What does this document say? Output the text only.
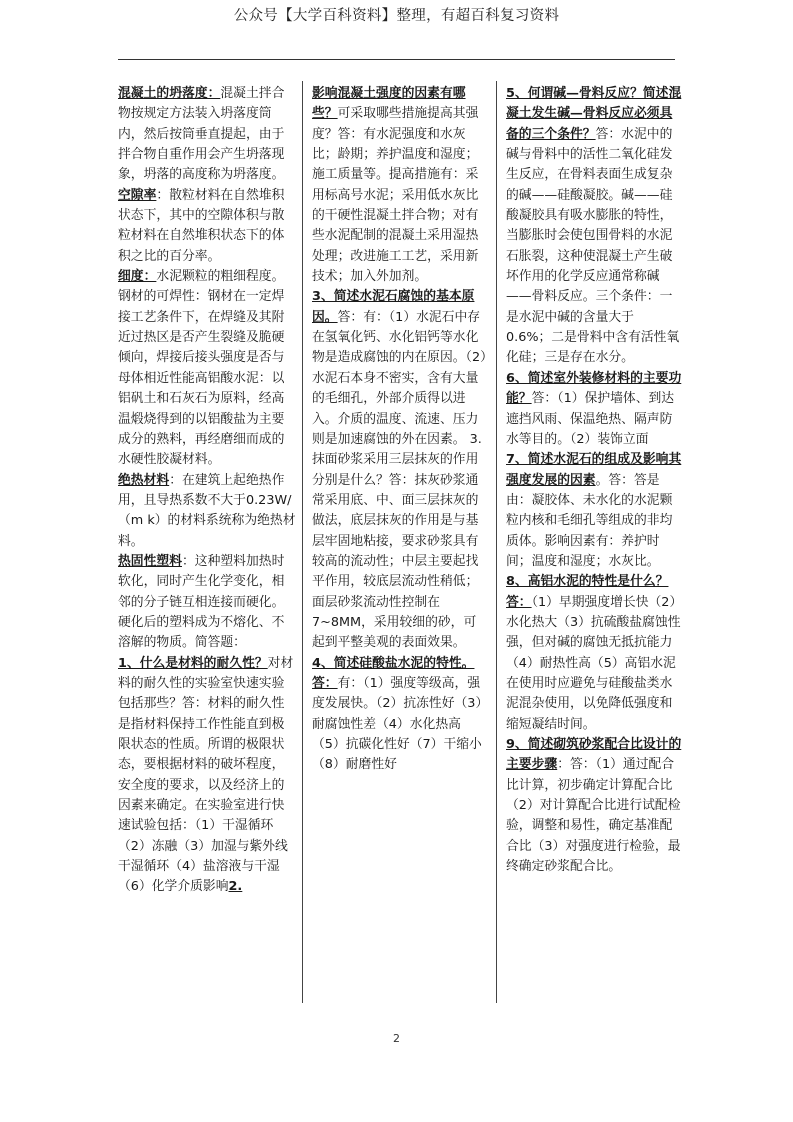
公众号【大学百科资料】整理，有超百科复习资料
混凝土的坍落度：混凝土拌合物按规定方法装入坍落度筒内，然后按筒垂直提起，由于拌合物自重作用会产生坍落现象，坍落的高度称为坍落度。
空隙率：散粒材料在自然堆积状态下，其中的空隙体积与散粒材料在自然堆积状态下的体积之比的百分率。
细度：水泥颗粒的粗细程度。钢材的可焊性：钢材在一定焊接工艺条件下，在焊缝及其附近过热区是否产生裂缝及脆硬倾向，焊接后接头强度是否与母体相近性能高铝酸水泥：以铝矾土和石灰石为原料，经高温煅烧得到的以铝酸盐为主要成分的熟料，再经磨细而成的水硬性胶凝材料。
绝热材料：在建筑上起绝热作用，且导热系数不大于0.23W/（m k）的材料系统称为绝热材料。
热固性塑料：这种塑料加热时软化，同时产生化学变化，相邻的分子链互相连接而硬化。硬化后的塑料成为不熔化、不溶解的物质。简答题：
1、什么是材料的耐久性？对材料的耐久性的实验室快速实验包括那些？答：材料的耐久性是指材料保持工作性能直到极限状态的性质。所谓的极限状态，要根据材料的破坏程度，安全度的要求，以及经济上的因素来确定。在实验室进行快速试验包括：（1）干湿循环（2）冻融（3）加湿与紫外线干湿循环（4）盐溶液与干湿（6）化学介质影响2.
影响混凝土强度的因素有哪些？可采取哪些措施提高其强度？答：有水泥强度和水灰比；龄期；养护温度和湿度；施工质量等。提高措施有：采用标高号水泥；采用低水灰比的干硬性混凝土拌合物；对有些水泥配制的混凝土采用湿热处理；改进施工工艺，采用新技术；加入外加剂。
3、简述水泥石腐蚀的基本原因。答：有：（1）水泥石中存在氢氧化钙、水化铝钙等水化物是造成腐蚀的内在原因。（2）水泥石本身不密实，含有大量的毛细孔，外部介质得以进入。介质的温度、流速、压力则是加速腐蚀的外在因素。 3. 抹面砂浆采用三层抹灰的作用分别是什么？答：抹灰砂浆通常采用底、中、面三层抹灰的做法，底层抹灰的作用是与基层牢固地粘接，要求砂浆具有较高的流动性；中层主要起找平作用，较底层流动性稍低；面层砂浆流动性控制在 7~8MM，采用较细的砂，可起到平整美观的表面效果。
4、简述硅酸盐水泥的特性。
答：有：（1）强度等级高，强度发展快。（2）抗冻性好（3）耐腐蚀性差（4）水化热高（5）抗碳化性好（7）干缩小（8）耐磨性好
5、何谓碱—骨料反应？简述混凝土发生碱—骨料反应必须具备的三个条件？答：水泥中的碱与骨料中的活性二氧化硅发生反应，在骨料表面生成复杂的碱——硅酸凝胶。碱——硅酸凝胶具有吸水膨胀的特性，当膨胀时会使包围骨料的水泥石胀裂，这种使混凝土产生破坏作用的化学反应通常称碱——骨料反应。三个条件：一是水泥中碱的含量大于 0.6%；二是骨料中含有活性氧化硅；三是存在水分。
6、简述室外装修材料的主要功能？答：（1）保护墙体、到达遮挡风雨、保温绝热、隔声防水等目的。（2）装饰立面
7、简述水泥石的组成及影响其强度发展的因素。答：答是由：凝胶体、未水化的水泥颗粒内核和毛细孔等组成的非均质体。影响因素有：养护时间；温度和湿度；水灰比。
8、高铝水泥的特性是什么？答：（1）早期强度增长快（2）水化热大（3）抗硫酸盐腐蚀性强，但对碱的腐蚀无抵抗能力（4）耐热性高（5）高铝水泥在使用时应避免与硅酸盐类水泥混杂使用，以免降低强度和缩短凝结时间。
9、简述砌筑砂浆配合比设计的主要步骤：答：（1）通过配合比计算，初步确定计算配合比（2）对计算配合比进行试配检验，调整和易性，确定基准配合比（3）对强度进行检验，最终确定砂浆配合比。
2
